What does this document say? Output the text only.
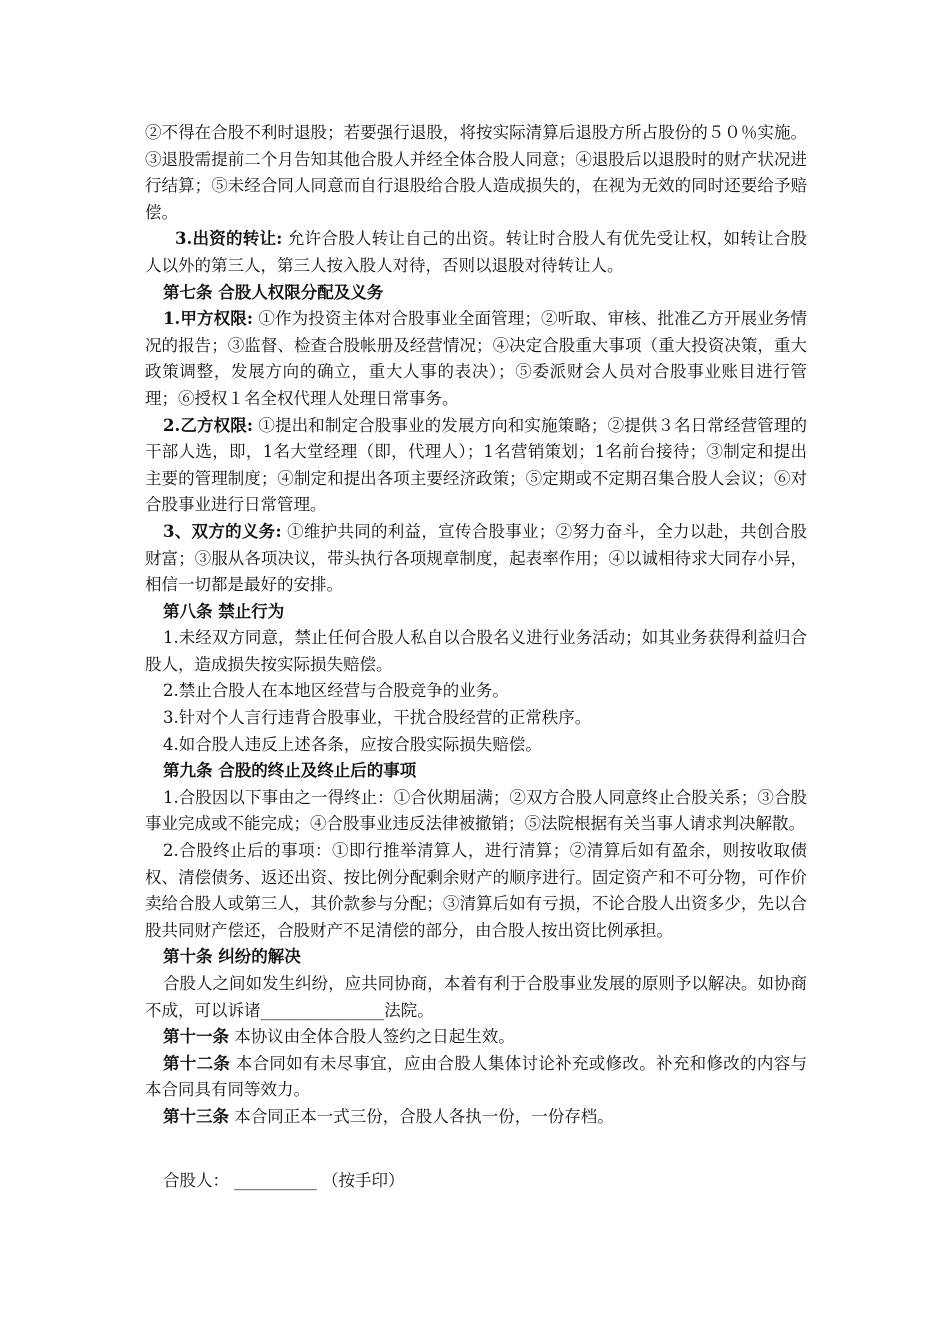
②不得在合股不利时退股；若要强行退股，将按实际清算后退股方所占股份的５０％实施。③退股需提前二个月告知其他合股人并经全体合股人同意；④退股后以退股时的财产状况进行结算；⑤未经合同人同意而自行退股给合股人造成损失的，在视为无效的同时还要给予赔偿。

3.出资的转让: 允许合股人转让自己的出资。转让时合股人有优先受让权，如转让合股人以外的第三人，第三人按入股人对待，否则以退股对待转让人。

第七条 合股人权限分配及义务

1.甲方权限: ①作为投资主体对合股事业全面管理；②听取、审核、批准乙方开展业务情况的报告；③监督、检查合股帐册及经营情况；④决定合股重大事项（重大投资决策，重大政策调整，发展方向的确立，重大人事的表决）；⑤委派财会人员对合股事业账目进行管理；⑥授权１名全权代理人处理日常事务。

2.乙方权限: ①提出和制定合股事业的发展方向和实施策略；②提供３名日常经营管理的干部人选，即，1名大堂经理（即，代理人）；1名营销策划；1名前台接待；③制定和提出主要的管理制度；④制定和提出各项主要经济政策；⑤定期或不定期召集合股人会议；⑥对合股事业进行日常管理。

3、双方的义务: ①维护共同的利益，宣传合股事业；②努力奋斗，全力以赴，共创合股财富；③服从各项决议，带头执行各项规章制度，起表率作用；④以诚相待求大同存小异，相信一切都是最好的安排。

第八条 禁止行为

1.未经双方同意，禁止任何合股人私自以合股名义进行业务活动；如其业务获得利益归合股人，造成损失按实际损失赔偿。

2.禁止合股人在本地区经营与合股竞争的业务。

3.针对个人言行违背合股事业，干扰合股经营的正常秩序。

4.如合股人违反上述各条，应按合股实际损失赔偿。

第九条 合股的终止及终止后的事项

1.合股因以下事由之一得终止：①合伙期届满；②双方合股人同意终止合股关系；③合股事业完成或不能完成；④合股事业违反法律被撤销；⑤法院根据有关当事人请求判决解散。

2.合股终止后的事项：①即行推举清算人，进行清算；②清算后如有盈余，则按收取债权、清偿债务、返还出资、按比例分配剩余财产的顺序进行。固定资产和不可分物，可作价卖给合股人或第三人，其价款参与分配；③清算后如有亏损，不论合股人出资多少，先以合股共同财产偿还，合股财产不足清偿的部分，由合股人按出资比例承担。

第十条 纠纷的解决

合股人之间如发生纠纷，应共同协商，本着有利于合股事业发展的原则予以解决。如协商不成，可以诉诸_______________法院。

第十一条 本协议由全体合股人签约之日起生效。

第十二条 本合同如有未尽事宜，应由合股人集体讨论补充或修改。补充和修改的内容与本合同具有同等效力。

第十三条 本合同正本一式三份，合股人各执一份，一份存档。

合股人： __________ （按手印）
